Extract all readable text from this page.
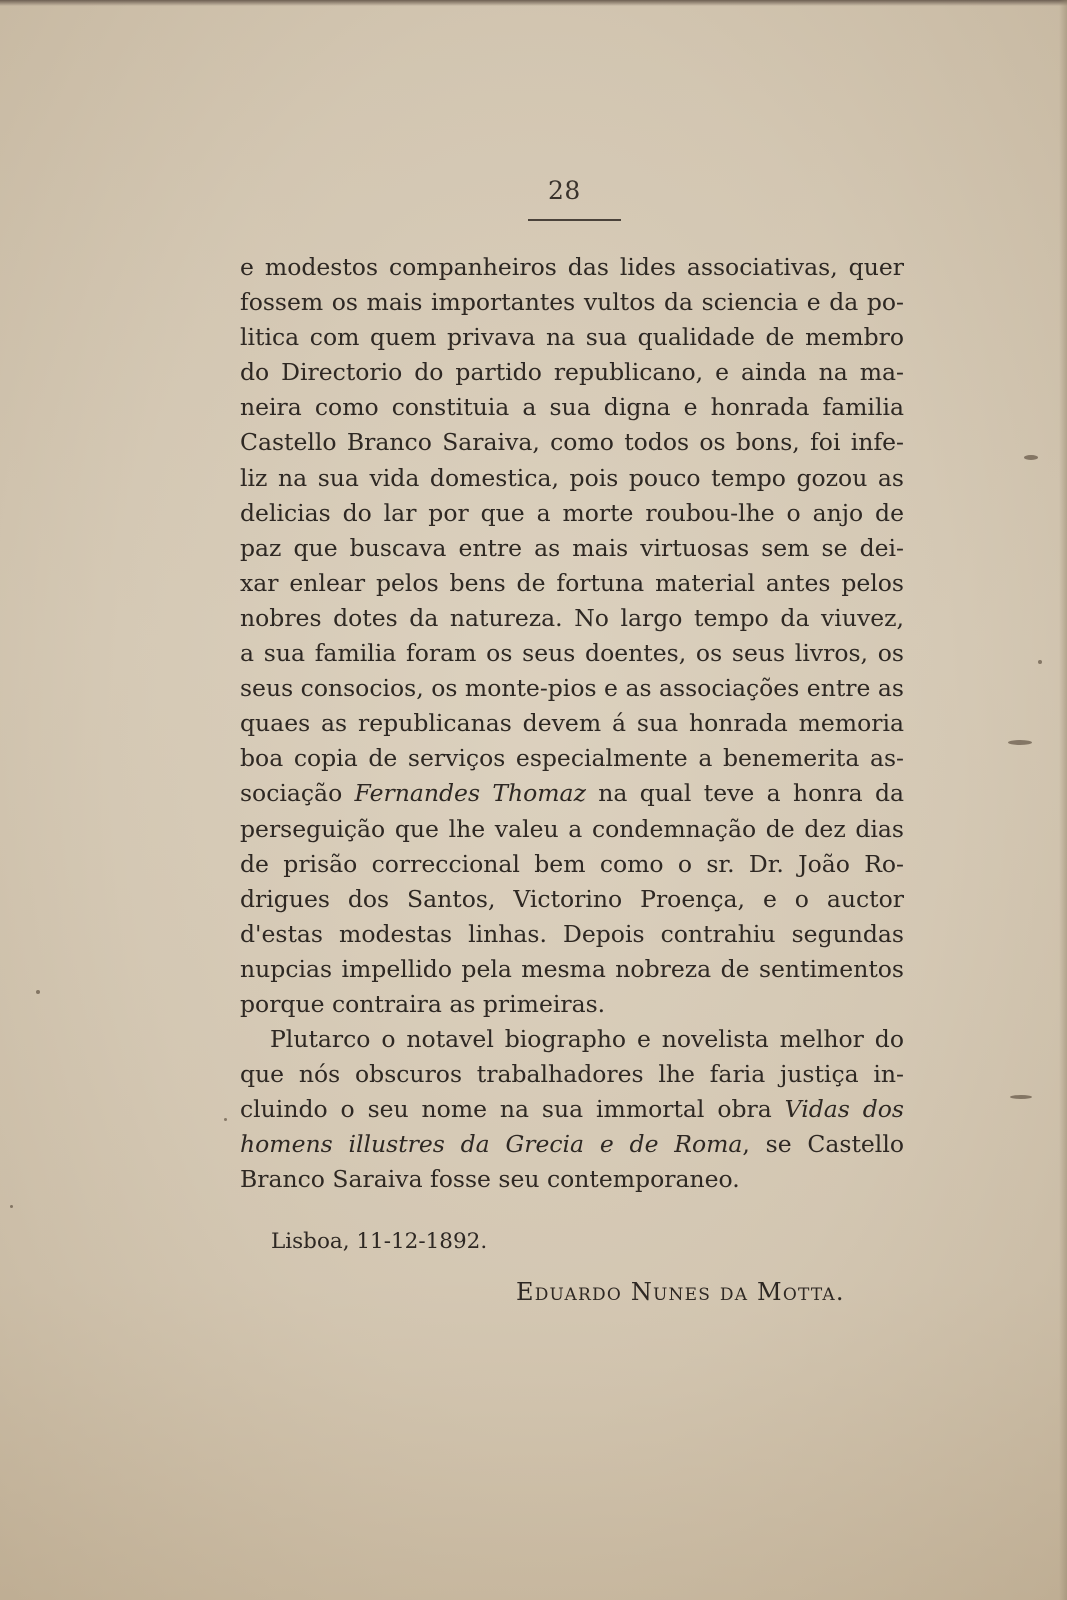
28
e modestos companheiros das lides associativas, quer
fossem os mais importantes vultos da sciencia e da po-
litica com quem privava na sua qualidade de membro
do Directorio do partido republicano, e ainda na ma-
neira como constituia a sua digna e honrada familia
Castello Branco Saraiva, como todos os bons, foi infe-
liz na sua vida domestica, pois pouco tempo gozou as
delicias do lar por que a morte roubou-lhe o anjo de
paz que buscava entre as mais virtuosas sem se dei-
xar enlear pelos bens de fortuna material antes pelos
nobres dotes da natureza. No largo tempo da viuvez,
a sua familia foram os seus doentes, os seus livros, os
seus consocios, os monte-pios e as associações entre as
quaes as republicanas devem á sua honrada memoria
boa copia de serviços especialmente a benemerita as-
sociação Fernandes Thomaz na qual teve a honra da
perseguição que lhe valeu a condemnação de dez dias
de prisão correccional bem como o sr. Dr. João Ro-
drigues dos Santos, Victorino Proença, e o auctor
d'estas modestas linhas. Depois contrahiu segundas
nupcias impellido pela mesma nobreza de sentimentos
porque contraira as primeiras.
Plutarco o notavel biographo e novelista melhor do
que nós obscuros trabalhadores lhe faria justiça in-
cluindo o seu nome na sua immortal obra Vidas dos
homens illustres da Grecia e de Roma, se Castello
Branco Saraiva fosse seu contemporaneo.
Lisboa, 11-12-1892.
Eduardo Nunes da Motta.
